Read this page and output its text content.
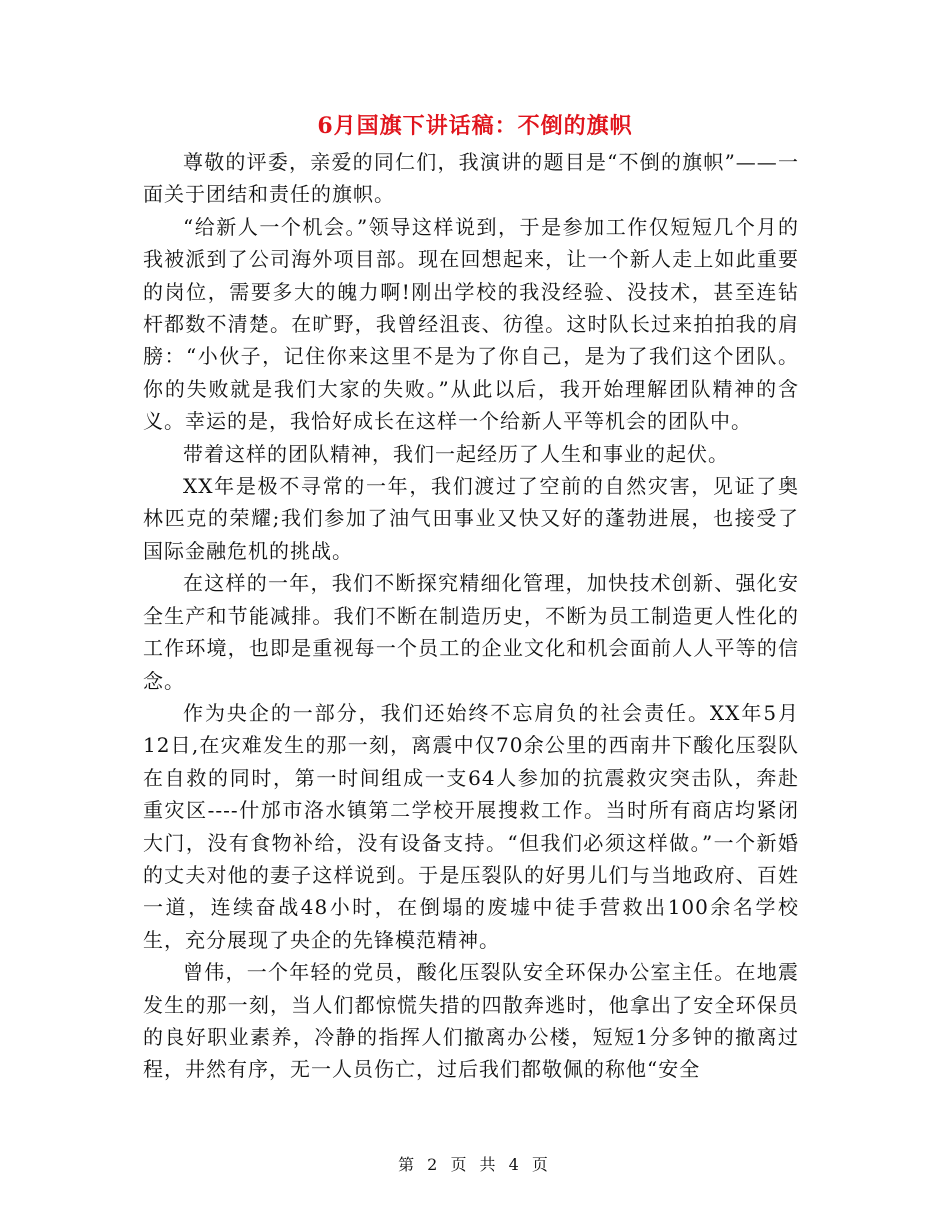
6月国旗下讲话稿：不倒的旗帜

尊敬的评委，亲爱的同仁们，我演讲的题目是“不倒的旗帜”——一面关于团结和责任的旗帜。

“给新人一个机会。”领导这样说到，于是参加工作仅短短几个月的我被派到了公司海外项目部。现在回想起来，让一个新人走上如此重要的岗位，需要多大的魄力啊!刚出学校的我没经验、没技术，甚至连钻杆都数不清楚。在旷野，我曾经沮丧、彷徨。这时队长过来拍拍我的肩膀：“小伙子，记住你来这里不是为了你自己，是为了我们这个团队。你的失败就是我们大家的失败。”从此以后，我开始理解团队精神的含义。幸运的是，我恰好成长在这样一个给新人平等机会的团队中。

带着这样的团队精神，我们一起经历了人生和事业的起伏。

XX年是极不寻常的一年，我们渡过了空前的自然灾害，见证了奥林匹克的荣耀;我们参加了油气田事业又快又好的蓬勃进展，也接受了国际金融危机的挑战。

在这样的一年，我们不断探究精细化管理，加快技术创新、强化安全生产和节能减排。我们不断在制造历史，不断为员工制造更人性化的工作环境，也即是重视每一个员工的企业文化和机会面前人人平等的信念。

作为央企的一部分，我们还始终不忘肩负的社会责任。XX年5月12日,在灾难发生的那一刻，离震中仅70余公里的西南井下酸化压裂队在自救的同时，第一时间组成一支64人参加的抗震救灾突击队，奔赴重灾区----什邡市洛水镇第二学校开展搜救工作。当时所有商店均紧闭大门，没有食物补给，没有设备支持。“但我们必须这样做。”一个新婚的丈夫对他的妻子这样说到。于是压裂队的好男儿们与当地政府、百姓一道，连续奋战48小时，在倒塌的废墟中徒手营救出100余名学校生，充分展现了央企的先锋模范精神。

曾伟，一个年轻的党员，酸化压裂队安全环保办公室主任。在地震发生的那一刻，当人们都惊慌失措的四散奔逃时，他拿出了安全环保员的良好职业素养，冷静的指挥人们撤离办公楼，短短1分多钟的撤离过程，井然有序，无一人员伤亡，过后我们都敬佩的称他“安全

第 2 页 共 4 页
